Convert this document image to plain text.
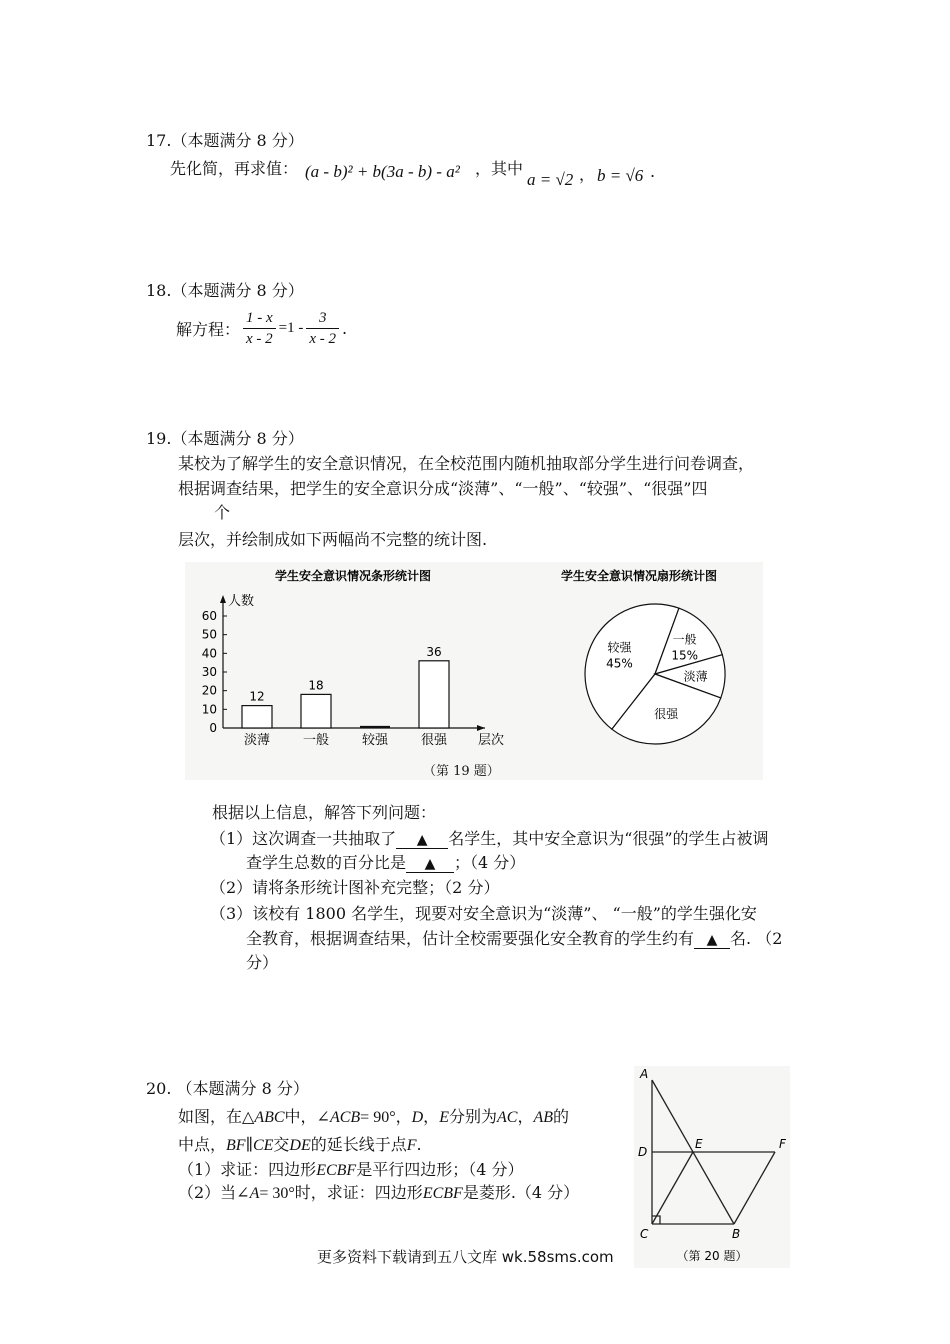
17.（本题满分 8 分）
先化简，再求值： (a - b)² + b(3a - b) - a² ，其中
a = √2 ， b = √6 .
18.（本题满分 8 分）
解方程： $\frac{1 - x}{x - 2} =1 - \frac{3}{x - 2}$ .
19.（本题满分 8 分）
某校为了解学生的安全意识情况，在全校范围内随机抽取部分学生进行问卷调查，
根据调查结果，把学生的安全意识分成“淡薄”、“一般”、“较强”、“很强”四
个
层次，并绘制成如下两幅尚不完整的统计图.
学生安全意识情况条形统计图
人数
层次
0
10
20
30
40
50
60
12
淡薄
18
一般	较强
36
很强
学生安全意识情况扇形统计图
较强
45%
一般
15%
淡薄
很强
（第 19 题）
根据以上信息，解答下列问题：
（1）这次调查一共抽取了 ▲ 名学生，其中安全意识为“很强”的学生占被调
查学生总数的百分比是 ▲ ；（4 分）
（2）请将条形统计图补充完整；（2 分）
（3）该校有 1800 名学生，现要对安全意识为“淡薄”、 “一般”的学生强化安
全教育，根据调查结果，估计全校需要强化安全教育的学生约有 ▲ 名. （2
分）
20. （本题满分 8 分）
如图，在△ABC中，∠ACB= 90°，D，E分别为AC，AB的
中点，BF∥CE交DE的延长线于点F.
（1）求证：四边形ECBF是平行四边形；（4 分）
（2）当∠A= 30°时，求证：四边形ECBF是菱形.（4 分）
A
D
E	F
C	B
（第 20 题）
更多资料下载请到五八文库 wk.58sms.com
